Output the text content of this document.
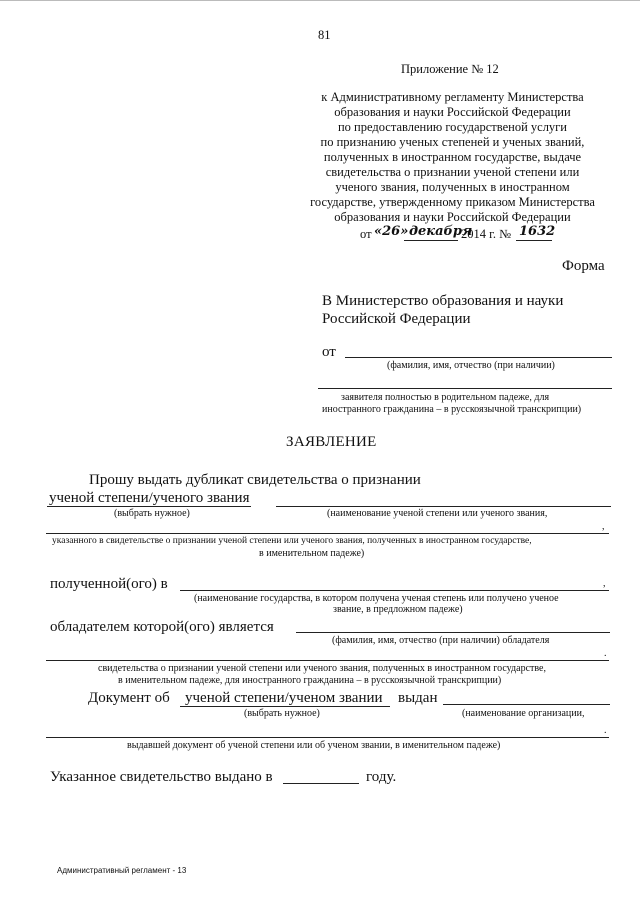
81
Приложение № 12
к Административному регламенту Министерства
образования и науки Российской Федерации
по предоставлению государственой услуги
по признанию ученых степеней и ученых званий,
полученных в иностранном государстве, выдаче
свидетельства о признании ученой степени или
ученого звания, полученных в иностранном
государстве, утвержденному приказом Министерства
образования и науки Российской Федерации
от «26» декабря
2014 г. № 1632
Форма
В Министерство образования и науки
Российской Федерации
от
(фамилия, имя, отчество (при наличии)
заявителя полностью в родительном падеже, для
иностранного гражданина – в русскоязычной транскрипции)
ЗАЯВЛЕНИЕ
Прошу выдать дубликат свидетельства о признании
ученой степени/ученого звания
(выбрать нужное)	(наименование ученой степени или ученого звания,
,
указанного в свидетельстве о признании ученой степени или ученого звания, полученных в иностранном государстве,
в именительном падеже)
полученной(ого) в	,
(наименование государства, в котором получена ученая степень или получено ученое
звание, в предложном падеже)
обладателем которой(ого) является
(фамилия, имя, отчество (при наличии) обладателя
.
свидетельства о признании ученой степени или ученого звания, полученных в иностранном государстве,
в именительном падеже, для иностранного гражданина – в русскоязычной транскрипции)
Документ об ученой степени/ученом звании выдан
(выбрать нужное)	(наименование организации,
.
выдавшей документ об ученой степени или об ученом звании, в именительном падеже)
Указанное свидетельство выдано в	году.
Административный регламент - 13
